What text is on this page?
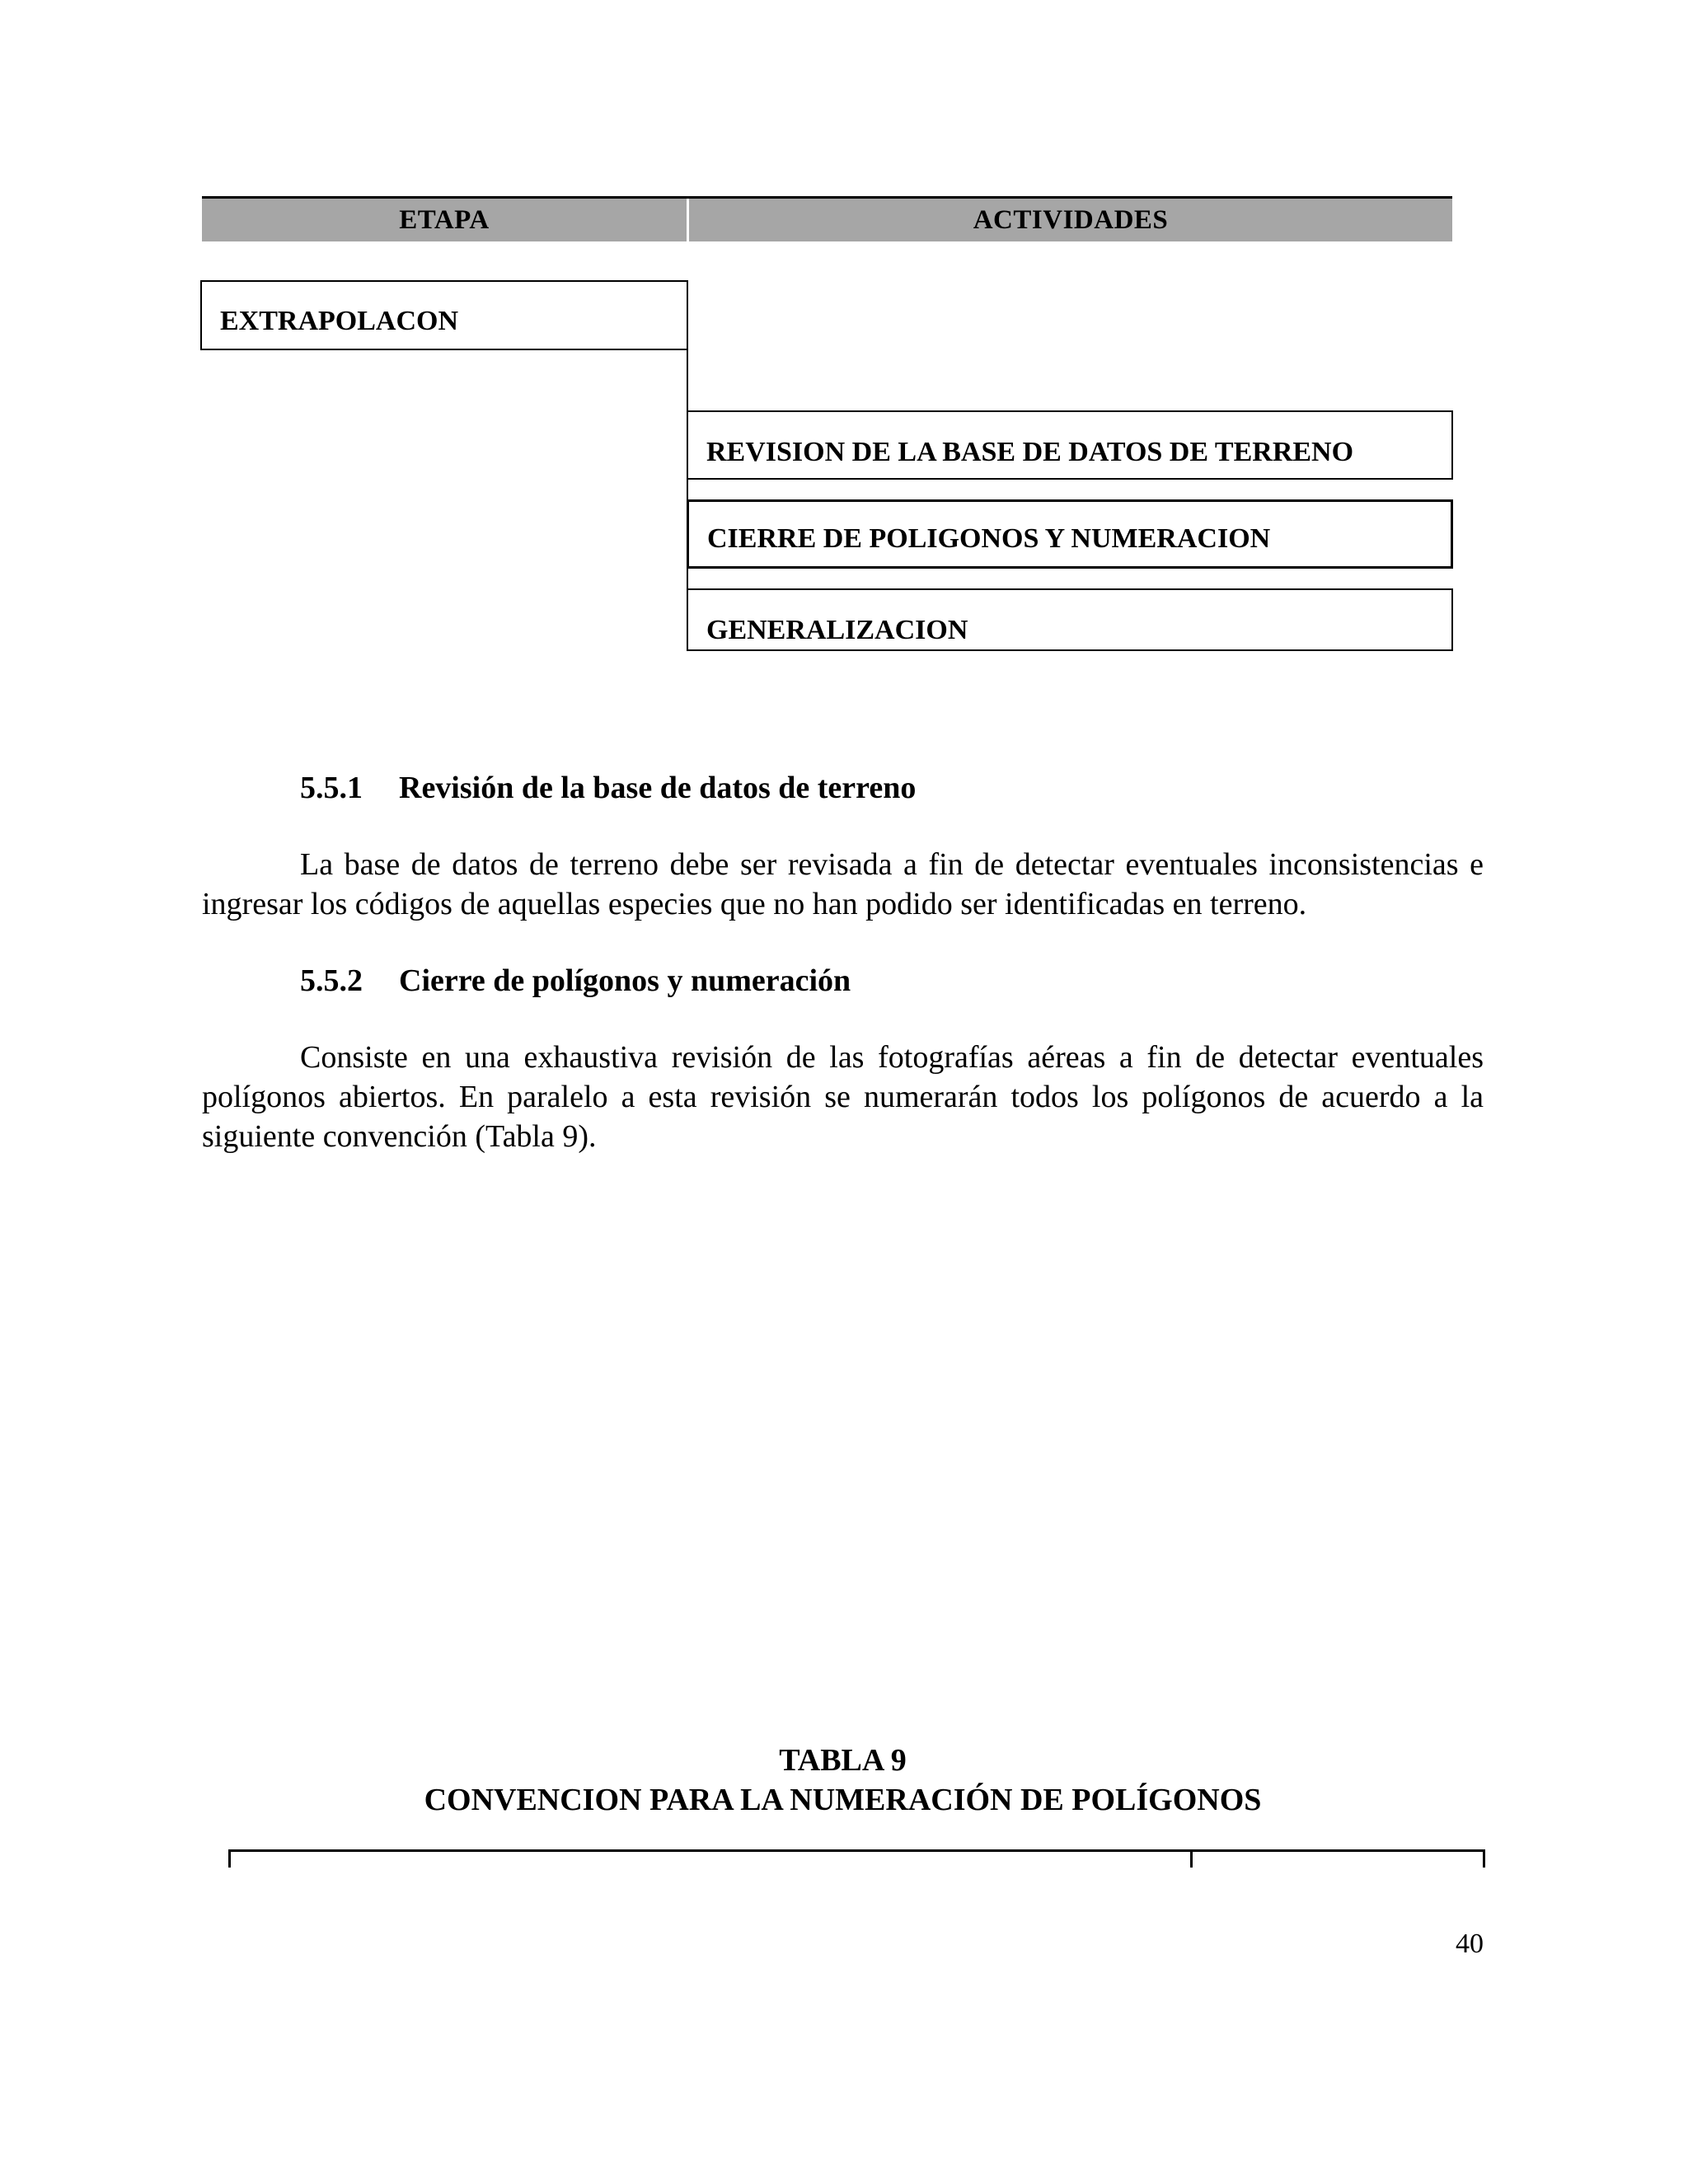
ETAPA	ACTIVIDADES
EXTRAPOLACON
REVISION DE LA BASE DE DATOS DE TERRENO
CIERRE DE POLIGONOS Y NUMERACION
GENERALIZACION
5.5.1 Revisión de la base de datos de terreno
La base de datos de terreno debe ser revisada a fin de detectar eventuales inconsistencias e ingresar los códigos de aquellas especies que no han podido ser identificadas en terreno.
5.5.2 Cierre de polígonos y numeración
Consiste en una exhaustiva revisión de las fotografías aéreas a fin de detectar eventuales polígonos abiertos. En paralelo a esta revisión se numerarán todos los polígonos de acuerdo a la siguiente convención (Tabla 9).
TABLA 9
CONVENCION PARA LA NUMERACIÓN DE POLÍGONOS
40
